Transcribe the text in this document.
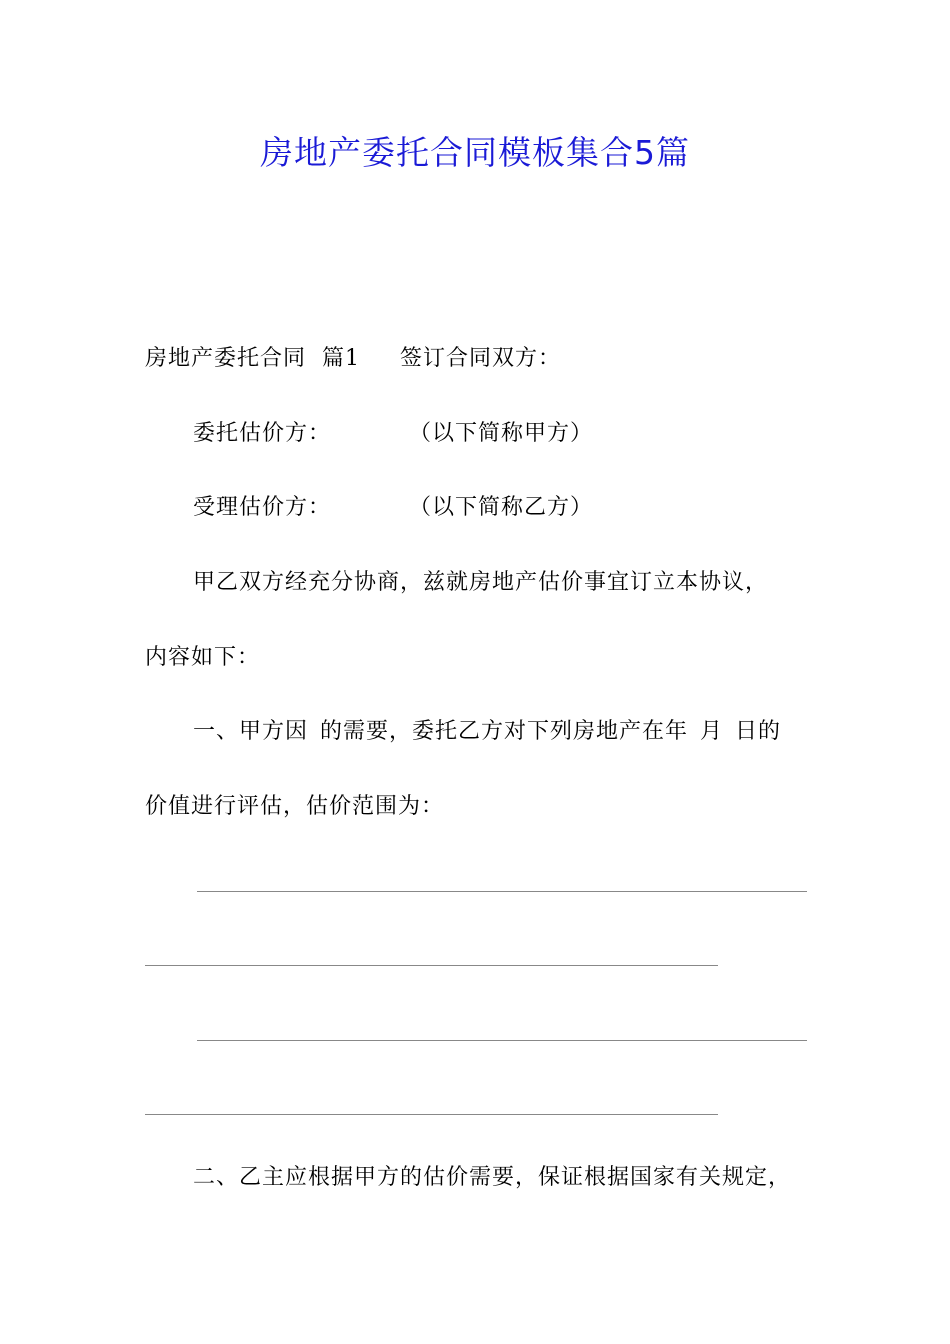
房地产委托合同模板集合5篇
房地产委托合同 篇1 签订合同双方：
委托估价方：	（以下简称甲方）
受理估价方：	（以下简称乙方）
甲乙双方经充分协商，兹就房地产估价事宜订立本协议，
内容如下：
一、甲方因 的需要，委托乙方对下列房地产在年 月 日的
价值进行评估，估价范围为：
二、乙主应根据甲方的估价需要，保证根据国家有关规定，
